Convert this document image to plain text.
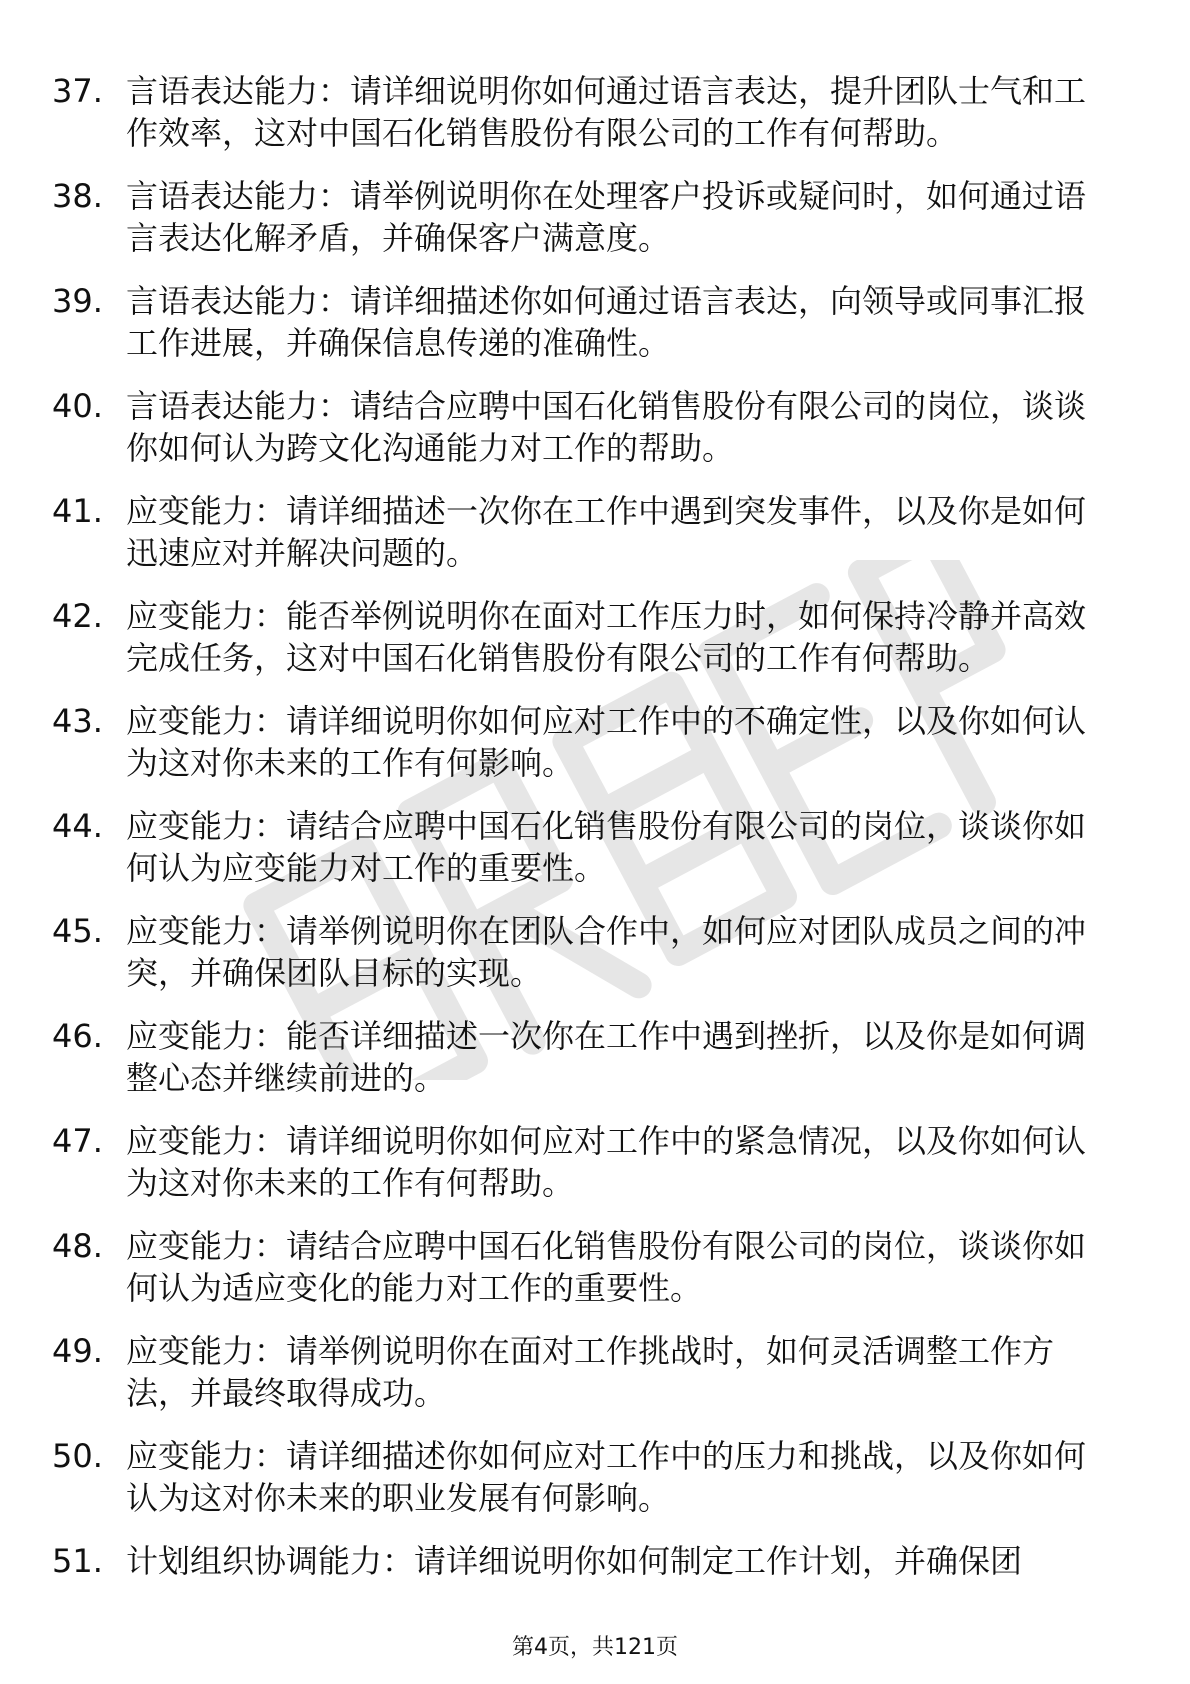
37. 言语表达能力：请详细说明你如何通过语言表达，提升团队士气和工作效率，这对中国石化销售股份有限公司的工作有何帮助。
38. 言语表达能力：请举例说明你在处理客户投诉或疑问时，如何通过语言表达化解矛盾，并确保客户满意度。
39. 言语表达能力：请详细描述你如何通过语言表达，向领导或同事汇报工作进展，并确保信息传递的准确性。
40. 言语表达能力：请结合应聘中国石化销售股份有限公司的岗位，谈谈你如何认为跨文化沟通能力对工作的帮助。
41. 应变能力：请详细描述一次你在工作中遇到突发事件，以及你是如何迅速应对并解决问题的。
42. 应变能力：能否举例说明你在面对工作压力时，如何保持冷静并高效完成任务，这对中国石化销售股份有限公司的工作有何帮助。
43. 应变能力：请详细说明你如何应对工作中的不确定性，以及你如何认为这对你未来的工作有何影响。
44. 应变能力：请结合应聘中国石化销售股份有限公司的岗位，谈谈你如何认为应变能力对工作的重要性。
45. 应变能力：请举例说明你在团队合作中，如何应对团队成员之间的冲突，并确保团队目标的实现。
46. 应变能力：能否详细描述一次你在工作中遇到挫折，以及你是如何调整心态并继续前进的。
47. 应变能力：请详细说明你如何应对工作中的紧急情况，以及你如何认为这对你未来的工作有何帮助。
48. 应变能力：请结合应聘中国石化销售股份有限公司的岗位，谈谈你如何认为适应变化的能力对工作的重要性。
49. 应变能力：请举例说明你在面对工作挑战时，如何灵活调整工作方法，并最终取得成功。
50. 应变能力：请详细描述你如何应对工作中的压力和挑战，以及你如何认为这对你未来的职业发展有何影响。
51. 计划组织协调能力：请详细说明你如何制定工作计划，并确保团
第4页，共121页
